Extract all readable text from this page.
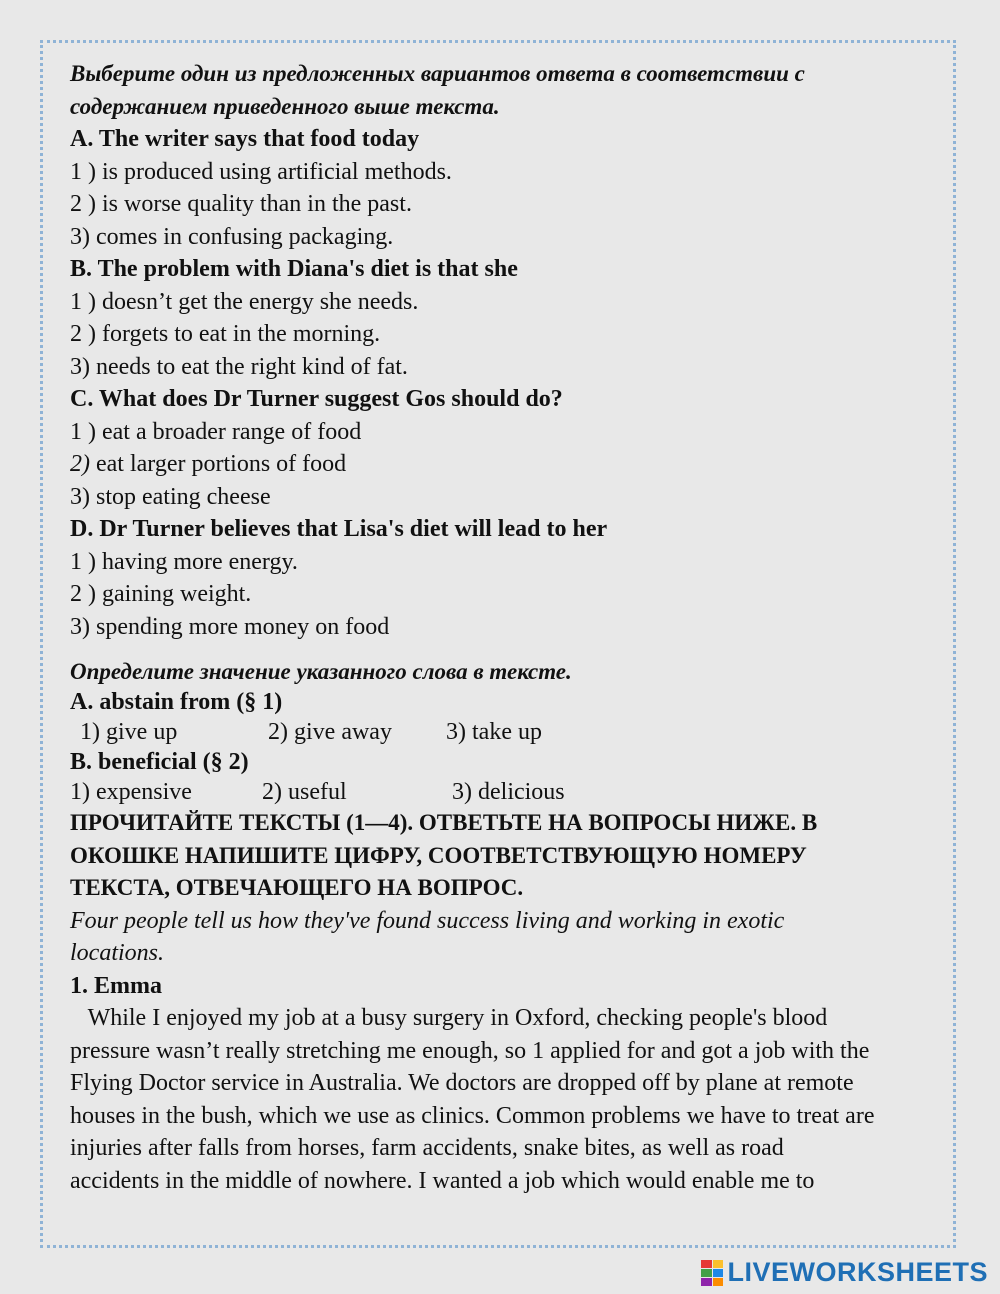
Выберите один из предложенных вариантов ответа в соответствии с
содержанием приведенного выше текста.
A. The writer says that food today
1 ) is produced using artificial methods.
2 ) is worse quality than in the past.
3) comes in confusing packaging.
B. The problem with Diana's diet is that she
1 ) doesn’t get the energy she needs.
2 ) forgets to eat in the morning.
3) needs to eat the right kind of fat.
C. What does Dr Turner suggest Gos should do?
1 ) eat a broader range of food
2) eat larger portions of food
3) stop eating cheese
D. Dr Turner believes that Lisa's diet will lead to her
1 ) having more energy.
2 ) gaining weight.
3) spending more money on food
Определите значение указанного слова в тексте.
A. abstain from (§ 1)
1) give up	2) give away 3) take up
B. beneficial (§ 2)
1) expensive	2) useful	3) delicious
ПРОЧИТАЙТЕ ТЕКСТЫ (1—4). ОТВЕТЬТЕ НА ВОПРОСЫ НИЖЕ. В
ОКОШКЕ НАПИШИТЕ ЦИФРУ, СООТВЕТСТВУЮЩУЮ НОМЕРУ
ТЕКСТА, ОТВЕЧАЮЩЕГО НА ВОПРОС.
Four people tell us how they've found success living and working in exotic
locations.
1. Emma
While I enjoyed my job at a busy surgery in Oxford, checking people's blood
pressure wasn’t really stretching me enough, so 1 applied for and got a job with the
Flying Doctor service in Australia. We doctors are dropped off by plane at remote
houses in the bush, which we use as clinics. Common problems we have to treat are
injuries after falls from horses, farm accidents, snake bites, as well as road
accidents in the middle of nowhere. I wanted a job which would enable me to
LIVEWORKSHEETS
